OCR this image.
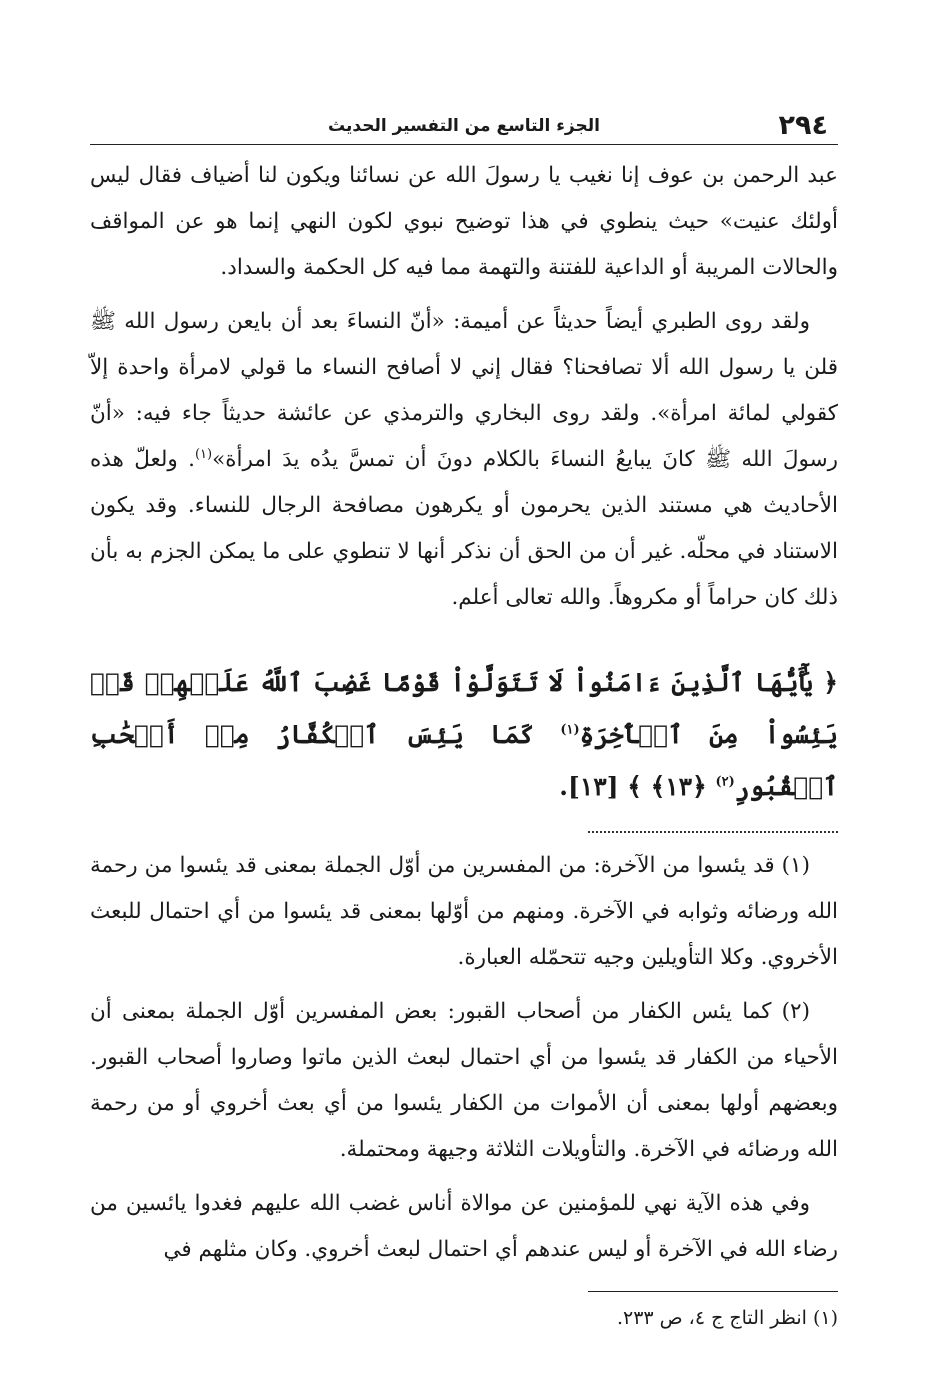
٢٩٤
الجزء التاسع من التفسير الحديث

عبد الرحمن بن عوف إنا نغيب يا رسولَ الله عن نسائنا ويكون لنا أضياف فقال ليس أولئك عنيت» حيث ينطوي في هذا توضيح نبوي لكون النهي إنما هو عن المواقف والحالات المريبة أو الداعية للفتنة والتهمة مما فيه كل الحكمة والسداد.

ولقد روى الطبري أيضاً حديثاً عن أميمة: «أنّ النساءَ بعد أن بايعن رسول الله ﷺ قلن يا رسول الله ألا تصافحنا؟ فقال إني لا أصافح النساء ما قولي لامرأة واحدة إلاّ كقولي لمائة امرأة». ولقد روى البخاري والترمذي عن عائشة حديثاً جاء فيه: «أنّ رسولَ الله ﷺ كانَ يبايعُ النساءَ بالكلام دونَ أن تمسَّ يدُه يدَ امرأة»$^{(١)}$. ولعلّ هذه الأحاديث هي مستند الذين يحرمون أو يكرهون مصافحة الرجال للنساء. وقد يكون الاستناد في محلّه. غير أن من الحق أن نذكر أنها لا تنطوي على ما يمكن الجزم به بأن ذلك كان حراماً أو مكروهاً. والله تعالى أعلم.

﴿ يَٰٓأَيُّهَا ٱلَّذِينَ ءَامَنُواْ لَا تَتَوَلَّوْاْ قَوْمًا غَضِبَ ٱللَّهُ عَلَيۡهِمۡ قَدۡ يَئِسُواْ مِنَ ٱلۡأٓخِرَةِ$^{(١)}$ كَمَا يَئِسَ ٱلۡكُفَّارُ مِنۡ أَصۡحَٰبِ ٱلۡقُبُورِ$^{(٢)}$ ﴿١٣﴾ ﴾ [١٣].

(١) قد يئسوا من الآخرة: من المفسرين من أوّل الجملة بمعنى قد يئسوا من رحمة الله ورضائه وثوابه في الآخرة. ومنهم من أوّلها بمعنى قد يئسوا من أي احتمال للبعث الأخروي. وكلا التأويلين وجيه تتحمّله العبارة.

(٢) كما يئس الكفار من أصحاب القبور: بعض المفسرين أوّل الجملة بمعنى أن الأحياء من الكفار قد يئسوا من أي احتمال لبعث الذين ماتوا وصاروا أصحاب القبور. وبعضهم أولها بمعنى أن الأموات من الكفار يئسوا من أي بعث أخروي أو من رحمة الله ورضائه في الآخرة. والتأويلات الثلاثة وجيهة ومحتملة.

وفي هذه الآية نهي للمؤمنين عن موالاة أناس غضب الله عليهم فغدوا يائسين من رضاء الله في الآخرة أو ليس عندهم أي احتمال لبعث أخروي. وكان مثلهم في

(١) انظر التاج ج ٤، ص ٢٣٣.
